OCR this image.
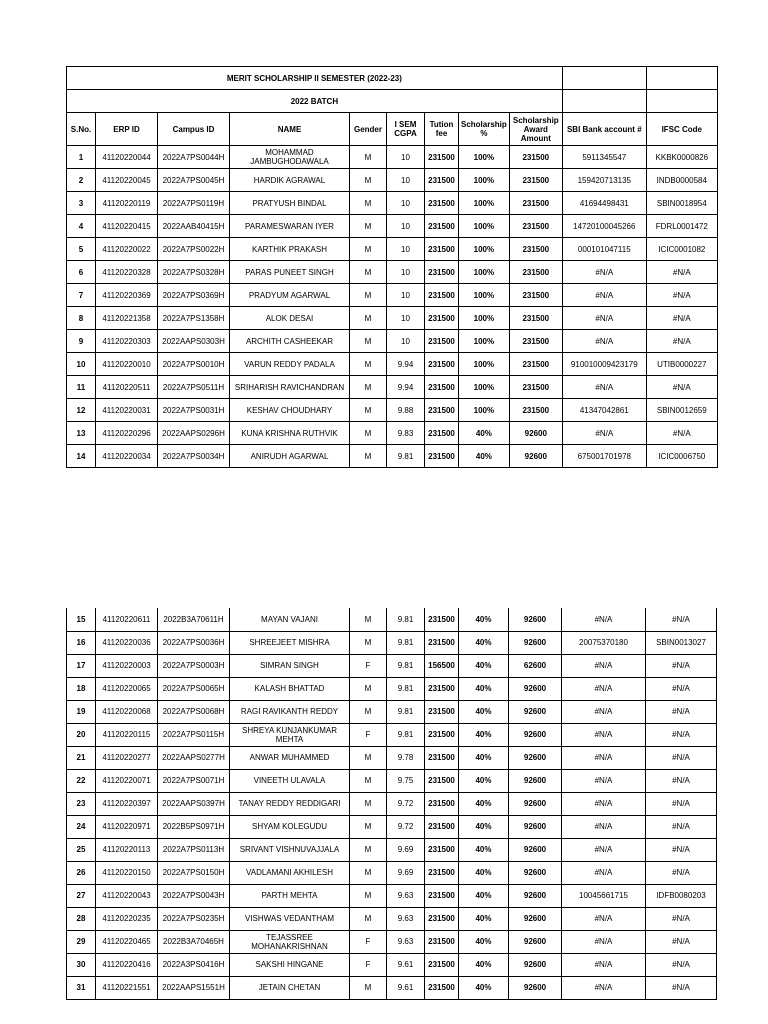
MERIT SCHOLARSHIP II SEMESTER (2022-23)										
2022 BATCH										
S.No.	ERP ID	Campus ID	NAME	Gender	I SEM CGPA	Tution fee	Scholarship %	Scholarship Award Amount	SBI Bank account #	IFSC Code
1	41120220044	2022A7PS0044H	MOHAMMAD JAMBUGHODAWALA	M	10	231500	100%	231500	5911345547	KKBK0000826
2	41120220045	2022A7PS0045H	HARDIK AGRAWAL	M	10	231500	100%	231500	159420713135	INDB0000584
3	41120220119	2022A7PS0119H	PRATYUSH BINDAL	M	10	231500	100%	231500	41694498431	SBIN0018954
4	41120220415	2022AAB40415H	PARAMESWARAN IYER	M	10	231500	100%	231500	14720100045266	FDRL0001472
5	41120220022	2022A7PS0022H	KARTHIK PRAKASH	M	10	231500	100%	231500	000101047115	ICIC0001082
6	41120220328	2022A7PS0328H	PARAS PUNEET SINGH	M	10	231500	100%	231500	#N/A	#N/A
7	41120220369	2022A7PS0369H	PRADYUM AGARWAL	M	10	231500	100%	231500	#N/A	#N/A
8	41120221358	2022A7PS1358H	ALOK DESAI	M	10	231500	100%	231500	#N/A	#N/A
9	41120220303	2022AAPS0303H	ARCHITH CASHEEKAR	M	10	231500	100%	231500	#N/A	#N/A
10	41120220010	2022A7PS0010H	VARUN REDDY PADALA	M	9.94	231500	100%	231500	910010009423179	UTIB0000227
11	41120220511	2022A7PS0511H	SRIHARISH RAVICHANDRAN	M	9.94	231500	100%	231500	#N/A	#N/A
12	41120220031	2022A7PS0031H	KESHAV CHOUDHARY	M	9.88	231500	100%	231500	41347042861	SBIN0012659
13	41120220296	2022AAPS0296H	KUNA KRISHNA RUTHVIK	M	9.83	231500	40%	92600	#N/A	#N/A
14	41120220034	2022A7PS0034H	ANIRUDH AGARWAL	M	9.81	231500	40%	92600	675001701978	ICIC0006750
15	41120220611	2022B3A70611H	MAYAN VAJANI	M	9.81	231500	40%	92600	#N/A	#N/A
16	41120220036	2022A7PS0036H	SHREEJEET MISHRA	M	9.81	231500	40%	92600	20075370180	SBIN0013027
17	41120220003	2022A7PS0003H	SIMRAN SINGH	F	9.81	156500	40%	62600	#N/A	#N/A
18	41120220065	2022A7PS0065H	KALASH BHATTAD	M	9.81	231500	40%	92600	#N/A	#N/A
19	41120220068	2022A7PS0068H	RAGI RAVIKANTH REDDY	M	9.81	231500	40%	92600	#N/A	#N/A
20	41120220115	2022A7PS0115H	SHREYA KUNJANKUMAR MEHTA	F	9.81	231500	40%	92600	#N/A	#N/A
21	41120220277	2022AAPS0277H	ANWAR MUHAMMED	M	9.78	231500	40%	92600	#N/A	#N/A
22	41120220071	2022A7PS0071H	VINEETH ULAVALA	M	9.75	231500	40%	92600	#N/A	#N/A
23	41120220397	2022AAPS0397H	TANAY REDDY REDDIGARI	M	9.72	231500	40%	92600	#N/A	#N/A
24	41120220971	2022B5PS0971H	SHYAM KOLEGUDU	M	9.72	231500	40%	92600	#N/A	#N/A
25	41120220113	2022A7PS0113H	SRIVANT VISHNUVAJJALA	M	9.69	231500	40%	92600	#N/A	#N/A
26	41120220150	2022A7PS0150H	VADLAMANI AKHILESH	M	9.69	231500	40%	92600	#N/A	#N/A
27	41120220043	2022A7PS0043H	PARTH MEHTA	M	9.63	231500	40%	92600	10045661715	IDFB0080203
28	41120220235	2022A7PS0235H	VISHWAS VEDANTHAM	M	9.63	231500	40%	92600	#N/A	#N/A
29	41120220465	2022B3A70465H	TEJASSREE MOHANAKRISHNAN	F	9.63	231500	40%	92600	#N/A	#N/A
30	41120220416	2022A3PS0416H	SAKSHI HINGANE	F	9.61	231500	40%	92600	#N/A	#N/A
31	41120221551	2022AAPS1551H	JETAIN CHETAN	M	9.61	231500	40%	92600	#N/A	#N/A
